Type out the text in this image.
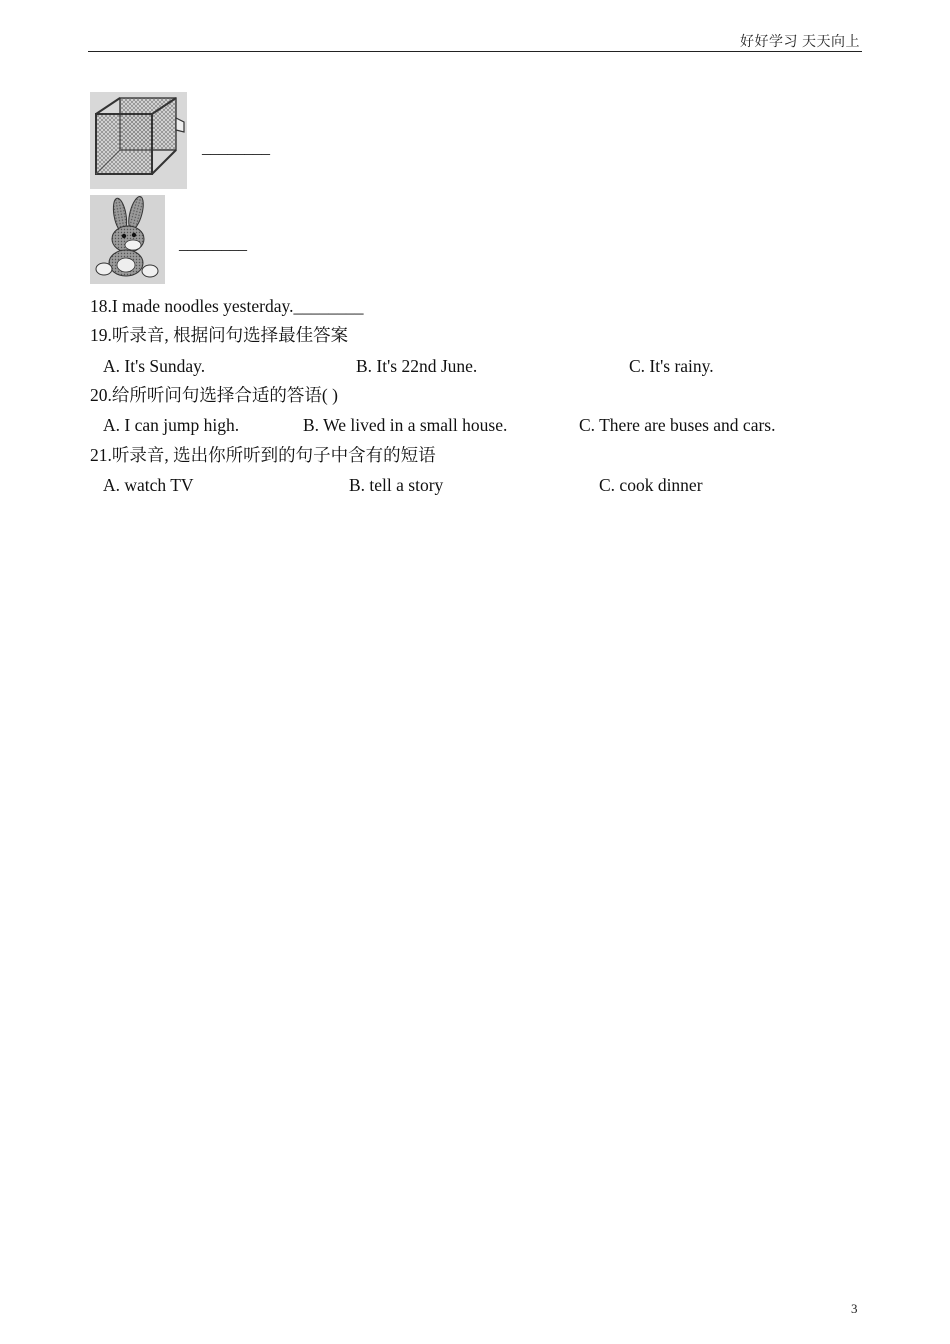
好好学习 天天向上
________
________
18.I made noodles yesterday.________
19.听录音, 根据问句选择最佳答案
A. It's Sunday.	B. It's 22nd June.	C. It's rainy.
20.给所听问句选择合适的答语( )
A. I can jump high.	B. We lived in a small house.	C. There are buses and cars.
21.听录音, 选出你所听到的句子中含有的短语
A. watch TV	B. tell a story	C. cook dinner
3
